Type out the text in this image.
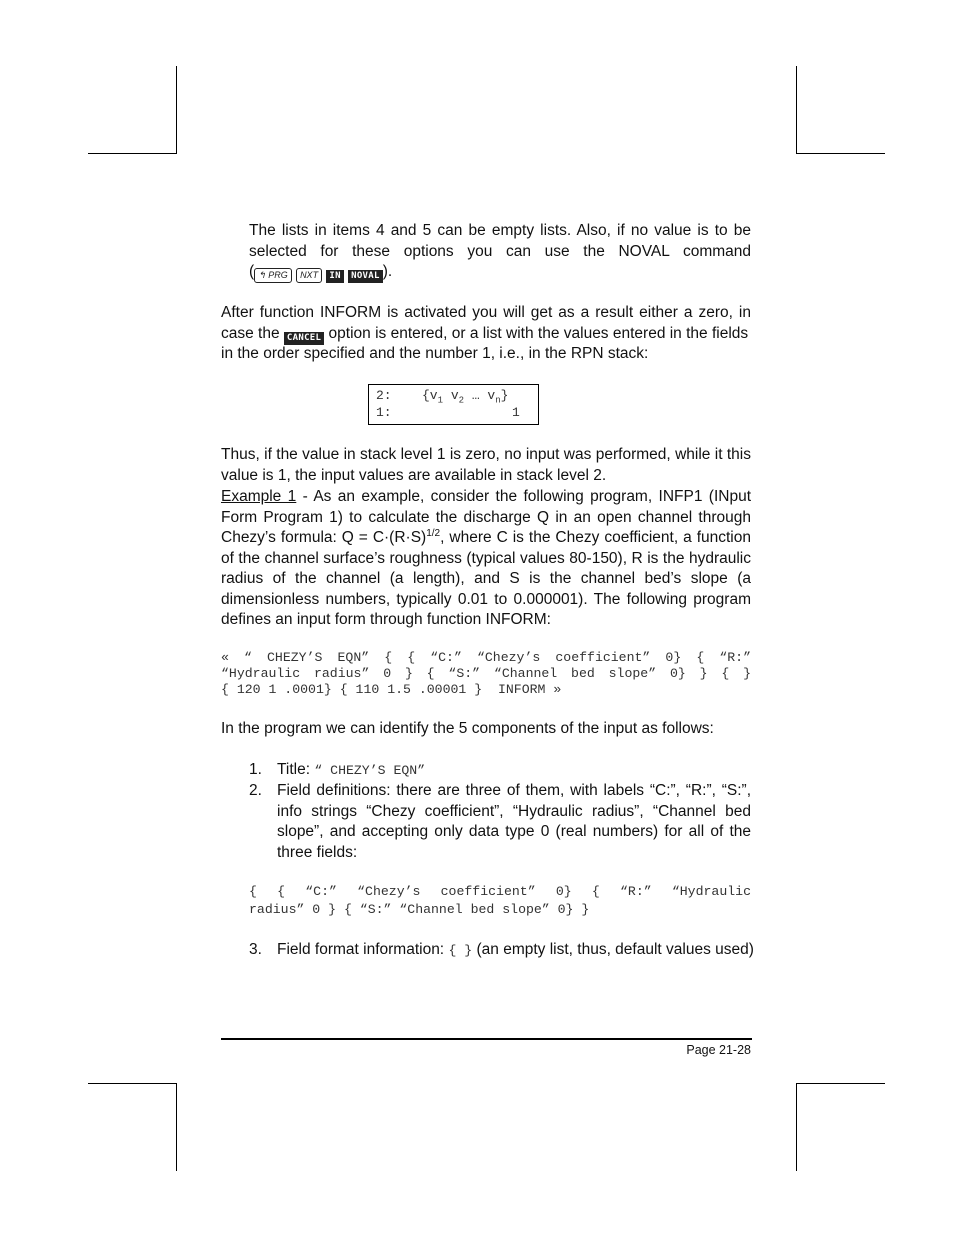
The lists in items 4 and 5 can be empty lists. Also, if no value is to be
selected for these options you can use the NOVAL command
( ↰ PRG NXT IN NOVAL ).
After function INFORM is activated you will get as a result either a zero, in
case the CANCEL option is entered, or a list with the values entered in the fields
in the order specified and the number 1, i.e., in the RPN stack:
2: {$v_1$ $v_2$ … $v_n$}
1:	1
Thus, if the value in stack level 1 is zero, no input was performed, while it this
value is 1, the input values are available in stack level 2.
Example 1 - As an example, consider the following program, INFP1 (INput
Form Program 1) to calculate the discharge Q in an open channel through
Chezy’s formula: $Q = C\cdot(R\cdot S)^{1/2}$, where C is the Chezy coefficient, a function
of the channel surface’s roughness (typical values 80-150), R is the hydraulic
radius of the channel (a length), and S is the channel bed’s slope (a
dimensionless numbers, typically 0.01 to 0.000001). The following program
defines an input form through function INFORM:
« “ CHEZY’S EQN” { { “C:” “Chezy’s coefficient” 0} { “R:”
“Hydraulic radius” 0 } { “S:” “Channel bed slope” 0} } { }
{ 120 1 .0001} { 110 1.5 .00001 }  INFORM »
In the program we can identify the 5 components of the input as follows:
1. Title: “ CHEZY’S EQN”
2. Field definitions: there are three of them, with labels “C:”, “R:”, “S:”,
info strings “Chezy coefficient”, “Hydraulic radius”, “Channel bed
slope”, and accepting only data type 0 (real numbers) for all of the
three fields:
{ { “C:” “Chezy’s coefficient” 0} { “R:” “Hydraulic
radius” 0 } { “S:” “Channel bed slope” 0} }
3. Field format information: { } (an empty list, thus, default values used)
Page 21-28
